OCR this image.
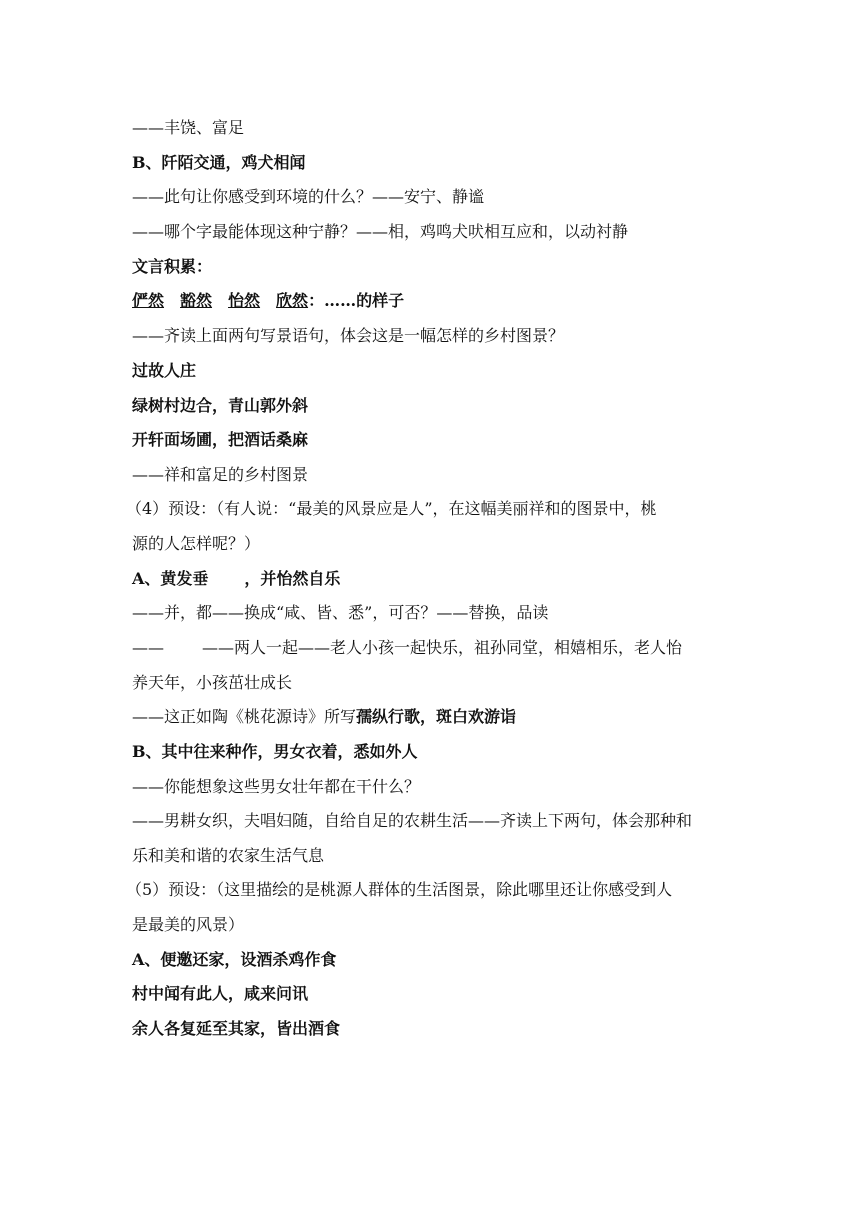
——丰饶、富足
B、阡陌交通，鸡犬相闻
——此句让你感受到环境的什么？——安宁、静谧
——哪个字最能体现这种宁静？——相，鸡鸣犬吠相互应和，以动衬静
文言积累：
俨然 豁然 怡然 欣然：……的样子
——齐读上面两句写景语句，体会这是一幅怎样的乡村图景？
过故人庄
绿树村边合，青山郭外斜
开轩面场圃，把酒话桑麻
——祥和富足的乡村图景
（4）预设：（有人说：“最美的风景应是人”，在这幅美丽祥和的图景中，桃
源的人怎样呢？）
A、黄发垂 ，并怡然自乐
——并，都——换成“咸、皆、悉”，可否？——替换，品读
—— ——两人一起——老人小孩一起快乐，祖孙同堂，相嬉相乐，老人怡
养天年，小孩茁壮成长
——这正如陶《桃花源诗》所写孺纵行歌，斑白欢游诣
B、其中往来种作，男女衣着，悉如外人
——你能想象这些男女壮年都在干什么？
——男耕女织，夫唱妇随，自给自足的农耕生活——齐读上下两句，体会那种和
乐和美和谐的农家生活气息
（5）预设：（这里描绘的是桃源人群体的生活图景，除此哪里还让你感受到人
是最美的风景）
A、便邀还家，设酒杀鸡作食
村中闻有此人，咸来问讯
余人各复延至其家，皆出酒食
